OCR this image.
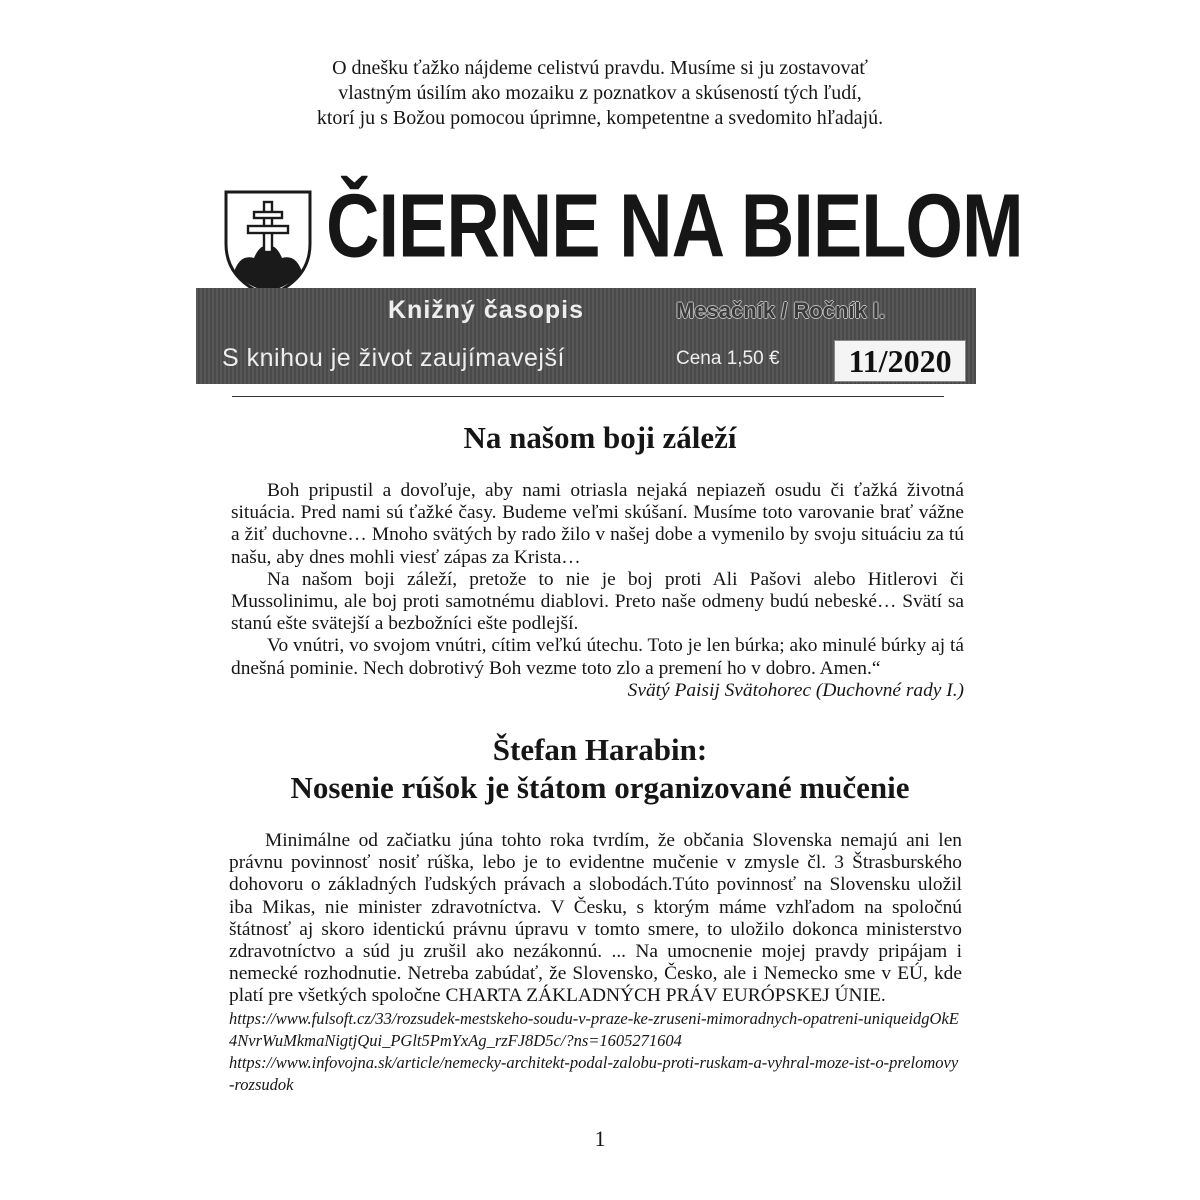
O dnešku ťažko nájdeme celistvú pravdu. Musíme si ju zostavovať
vlastným úsilím ako mozaiku z poznatkov a skúseností tých ľudí,
ktorí ju s Božou pomocou úprimne, kompetentne a svedomito hľadajú.
ČIERNE NA BIELOM
Knižný časopis	Mesačník / Ročník I.
S knihou je život zaujímavejší	Cena 1,50 €	11/2020
Na našom boji záleží

Boh pripustil a dovoľuje, aby nami otriasla nejaká nepiazeň osudu či ťažká životná situácia. Pred nami sú ťažké časy. Budeme veľmi skúšaní. Musíme toto varovanie brať vážne a žiť duchovne… Mnoho svätých by rado žilo v našej dobe a vymenilo by svoju situáciu za tú našu, aby dnes mohli viesť zápas za Krista…

Na našom boji záleží, pretože to nie je boj proti Ali Pašovi alebo Hitlerovi či Mussolinimu, ale boj proti samotnému diablovi. Preto naše odmeny budú nebeské… Svätí sa stanú ešte svätejší a bezbožníci ešte podlejší.

Vo vnútri, vo svojom vnútri, cítim veľkú útechu. Toto je len búrka; ako minulé búrky aj tá dnešná pominie. Nech dobrotivý Boh vezme toto zlo a premení ho v dobro. Amen.“

Svätý Paisij Svätohorec (Duchovné rady I.)

Štefan Harabin:
Nosenie rúšok je štátom organizované mučenie

Minimálne od začiatku júna tohto roka tvrdím, že občania Slovenska nemajú ani len právnu povinnosť nosiť rúška, lebo je to evidentne mučenie v zmysle čl. 3 Štrasburského dohovoru o základných ľudských právach a slobodách.Túto povinnosť na Slovensku uložil iba Mikas, nie minister zdravotníctva. V Česku, s ktorým máme vzhľadom na spoločnú štátnosť aj skoro identickú právnu úpravu v tomto smere, to uložilo dokonca ministerstvo zdravotníctvo a súd ju zrušil ako nezákonnú. ... Na umocnenie mojej pravdy pripájam i nemecké rozhodnutie. Netreba zabúdať, že Slovensko, Česko, ale i Nemecko sme v EÚ, kde platí pre všetkých spoločne CHARTA ZÁKLADNÝCH PRÁV EURÓPSKEJ ÚNIE.

https://www.fulsoft.cz/33/rozsudek-mestskeho-soudu-v-praze-ke-zruseni-mimoradnych-opatreni-uniqueidgOkE4NvrWuMkmaNigtjQui_PGlt5PmYxAg_rzFJ8D5c/?ns=1605271604

https://www.infovojna.sk/article/nemecky-architekt-podal-zalobu-proti-ruskam-a-vyhral-moze-ist-o-prelomovy-rozsudok

1
